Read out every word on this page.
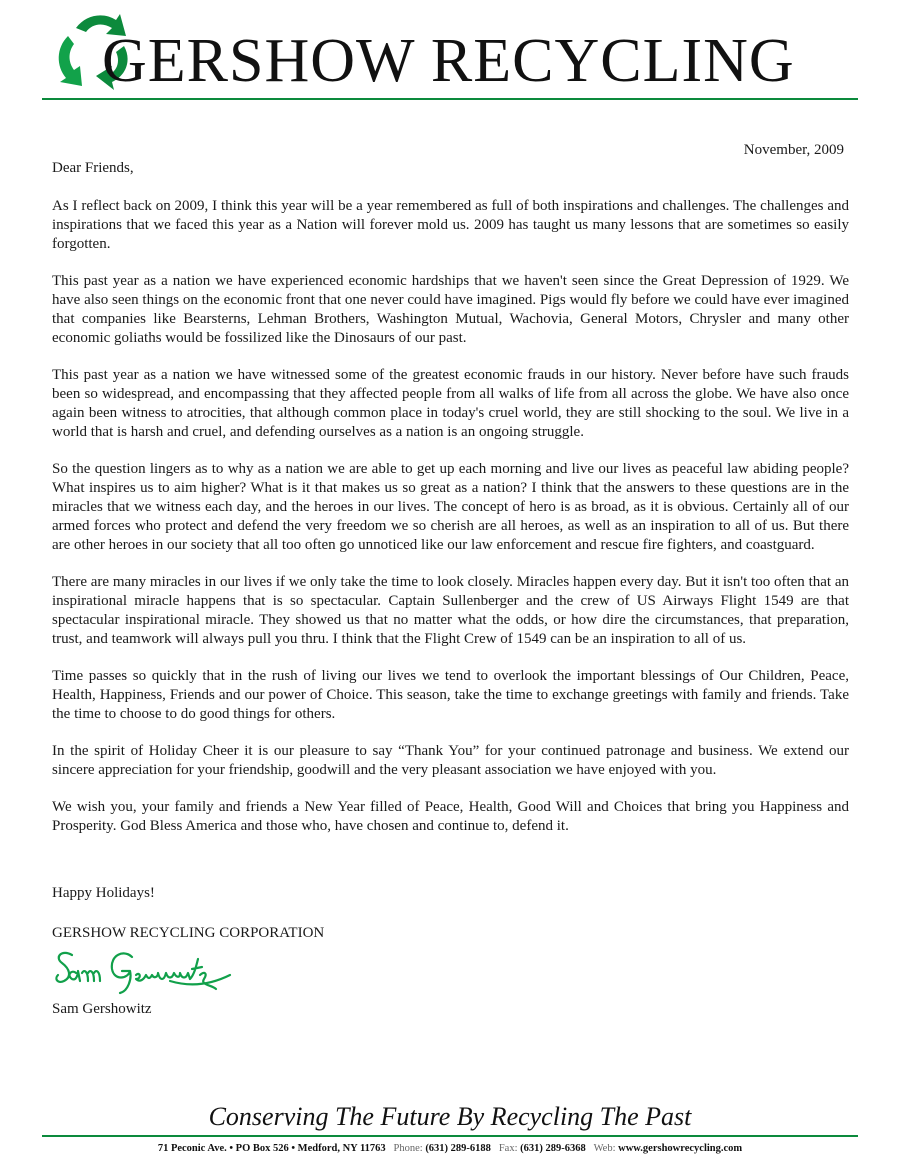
GERSHOW RECYCLING
November, 2009
Dear Friends,

As I reflect back on 2009, I think this year will be a year remembered as full of both inspirations and challenges. The challenges and inspirations that we faced this year as a Nation will forever mold us. 2009 has taught us many lessons that are sometimes so easily forgotten.

This past year as a nation we have experienced economic hardships that we haven't seen since the Great Depression of 1929. We have also seen things on the economic front that one never could have imagined. Pigs would fly before we could have ever imagined that companies like Bearsterns, Lehman Brothers, Washington Mutual, Wachovia, General Motors, Chrysler and many other economic goliaths would be fossilized like the Dinosaurs of our past.

This past year as a nation we have witnessed some of the greatest economic frauds in our history. Never before have such frauds been so widespread, and encompassing that they affected people from all walks of life from all across the globe. We have also once again been witness to atrocities, that although common place in today's cruel world, they are still shocking to the soul. We live in a world that is harsh and cruel, and defending ourselves as a nation is an ongoing struggle.

So the question lingers as to why as a nation we are able to get up each morning and live our lives as peaceful law abiding people? What inspires us to aim higher? What is it that makes us so great as a nation? I think that the answers to these questions are in the miracles that we witness each day, and the heroes in our lives. The concept of hero is as broad, as it is obvious. Certainly all of our armed forces who protect and defend the very freedom we so cherish are all heroes, as well as an inspiration to all of us. But there are other heroes in our society that all too often go unnoticed like our law enforcement and rescue fire fighters, and coastguard.

There are many miracles in our lives if we only take the time to look closely. Miracles happen every day. But it isn't too often that an inspirational miracle happens that is so spectacular. Captain Sullenberger and the crew of US Airways Flight 1549 are that spectacular inspirational miracle. They showed us that no matter what the odds, or how dire the circumstances, that preparation, trust, and teamwork will always pull you thru. I think that the Flight Crew of 1549 can be an inspiration to all of us.

Time passes so quickly that in the rush of living our lives we tend to overlook the important blessings of Our Children, Peace, Health, Happiness, Friends and our power of Choice. This season, take the time to exchange greetings with family and friends. Take the time to choose to do good things for others.

In the spirit of Holiday Cheer it is our pleasure to say “Thank You” for your continued patronage and business. We extend our sincere appreciation for your friendship, goodwill and the very pleasant association we have enjoyed with you.

We wish you, your family and friends a New Year filled of Peace, Health, Good Will and Choices that bring you Happiness and Prosperity. God Bless America and those who, have chosen and continue to, defend it.

Happy Holidays!
GERSHOW RECYCLING CORPORATION
Sam Gershowitz
Conserving The Future By Recycling The Past
71 Peconic Ave. • PO Box 526 • Medford, NY 11763 Phone: (631) 289-6188 Fax: (631) 289-6368 Web: www.gershowrecycling.com
